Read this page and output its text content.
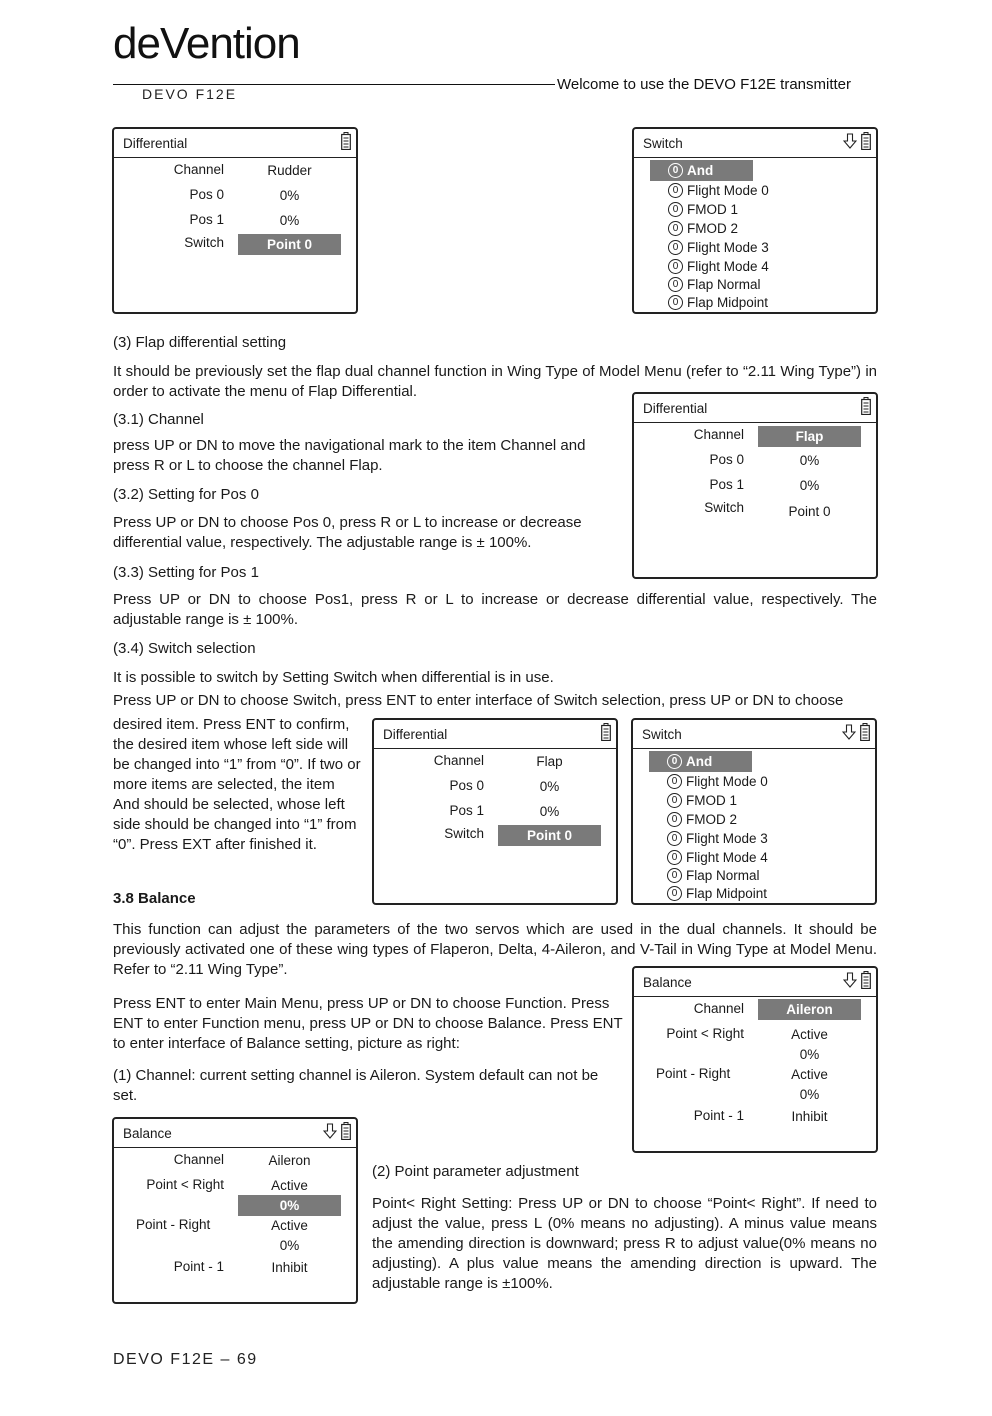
deVention
DEVO F12E
Welcome to use the DEVO F12E transmitter
Differential
Channel	Rudder
Pos 0	0%
Pos 1	0%
Switch	Point 0
Switch
0 And
0 Flight Mode 0
0 FMOD 1
0 FMOD 2
0 Flight Mode 3
0 Flight Mode 4
0 Flap Normal
0 Flap Midpoint
(3) Flap differential setting
It should be previously set the flap dual channel function in Wing Type of Model Menu (refer to “2.11 Wing Type”) in order to activate the menu of Flap Differential.
Differential
Channel	Flap
Pos 0	0%
Pos 1	0%
Switch	Point 0
(3.1) Channel
press UP or DN to move the navigational mark to the item Channel and press R or L to choose the channel Flap.
(3.2) Setting for Pos 0
Press UP or DN to choose Pos 0, press R or L to increase or decrease differential value, respectively. The adjustable range is ± 100%.
(3.3) Setting for Pos 1
Press UP or DN to choose Pos1, press R or L to increase or decrease differential value, respectively. The adjustable range is ± 100%.
(3.4) Switch selection
It is possible to switch by Setting Switch when differential is in use.
Press UP or DN to choose Switch, press ENT to enter interface of Switch selection, press UP or DN to choose
desired item. Press ENT to confirm, the desired item whose left side will be changed into “1” from “0”. If two or more items are selected, the item And should be selected, whose left side should be changed into “1” from “0”. Press EXT after finished it.
Differential
Channel	Flap
Pos 0	0%
Pos 1	0%
Switch	Point 0
Switch
0 And
0 Flight Mode 0
0 FMOD 1
0 FMOD 2
0 Flight Mode 3
0 Flight Mode 4
0 Flap Normal
0 Flap Midpoint
3.8 Balance
This function can adjust the parameters of the two servos which are used in the dual channels. It should be previously activated one of these wing types of Flaperon, Delta, 4-Aileron, and V-Tail in Wing Type at Model Menu. Refer to “2.11 Wing Type”.
Balance
Channel	Aileron
Point < Right	Active
0%
Point - Right	Active
0%
Point - 1	Inhibit
Press ENT to enter Main Menu, press UP or DN to choose Function. Press ENT to enter Function menu, press UP or DN to choose Balance. Press ENT to enter interface of Balance setting, picture as right:
(1) Channel: current setting channel is Aileron. System default can not be set.
Balance
Channel	Aileron
Point < Right	Active
0%
Point - Right	Active
0%
Point - 1	Inhibit
(2) Point parameter adjustment
Point< Right Setting: Press UP or DN to choose “Point< Right”. If need to adjust the value, press L (0% means no adjusting). A minus value means the amending direction is downward; press R to adjust value(0% means no adjusting). A plus value means the amending direction is upward. The adjustable range is ±100%.
DEVO F12E – 69
